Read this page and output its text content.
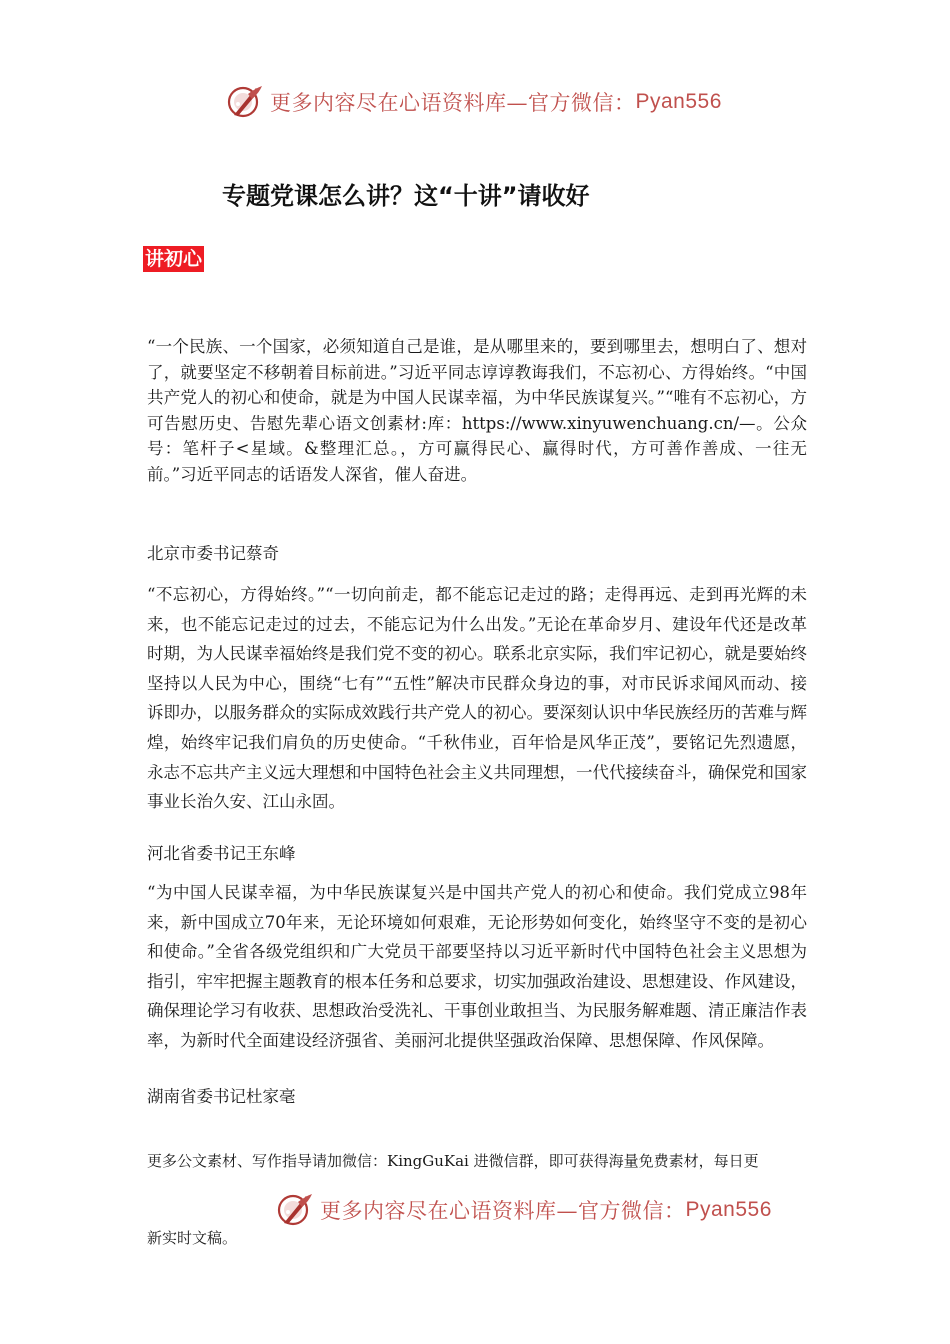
更多内容尽在心语资料库—官方微信： Pyan556
专题党课怎么讲？这“十讲”请收好
讲初心

“一个民族、一个国家，必须知道自己是谁，是从哪里来的，要到哪里去，想明白了、想对了，就要坚定不移朝着目标前进。”习近平同志谆谆教诲我们，不忘初心、方得始终。“中国共产党人的初心和使命，就是为中国人民谋幸福，为中华民族谋复兴。”“唯有不忘初心，方可告慰历史、告慰先辈心语文创素材:库：https://www.xinyuwenchuang.cn/—。公众号：笔杆子<星域。&整理汇总。，方可赢得民心、赢得时代，方可善作善成、一往无前。”习近平同志的话语发人深省，催人奋进。

北京市委书记蔡奇

“不忘初心，方得始终。”“一切向前走，都不能忘记走过的路；走得再远、走到再光辉的未来，也不能忘记走过的过去，不能忘记为什么出发。”无论在革命岁月、建设年代还是改革时期，为人民谋幸福始终是我们党不变的初心。联系北京实际，我们牢记初心，就是要始终坚持以人民为中心，围绕“七有”“五性”解决市民群众身边的事，对市民诉求闻风而动、接诉即办，以服务群众的实际成效践行共产党人的初心。要深刻认识中华民族经历的苦难与辉煌，始终牢记我们肩负的历史使命。“千秋伟业，百年恰是风华正茂”，要铭记先烈遗愿，永志不忘共产主义远大理想和中国特色社会主义共同理想，一代代接续奋斗，确保党和国家事业长治久安、江山永固。

河北省委书记王东峰

“为中国人民谋幸福，为中华民族谋复兴是中国共产党人的初心和使命。我们党成立98年来，新中国成立70年来，无论环境如何艰难，无论形势如何变化，始终坚守不变的是初心和使命。”全省各级党组织和广大党员干部要坚持以习近平新时代中国特色社会主义思想为指引，牢牢把握主题教育的根本任务和总要求，切实加强政治建设、思想建设、作风建设，确保理论学习有收获、思想政治受洗礼、干事创业敢担当、为民服务解难题、清正廉洁作表率，为新时代全面建设经济强省、美丽河北提供坚强政治保障、思想保障、作风保障。

湖南省委书记杜家毫
更多公文素材、写作指导请加微信：KingGuKai 进微信群，即可获得海量免费素材，每日更
更多内容尽在心语资料库—官方微信： Pyan556
新实时文稿。
